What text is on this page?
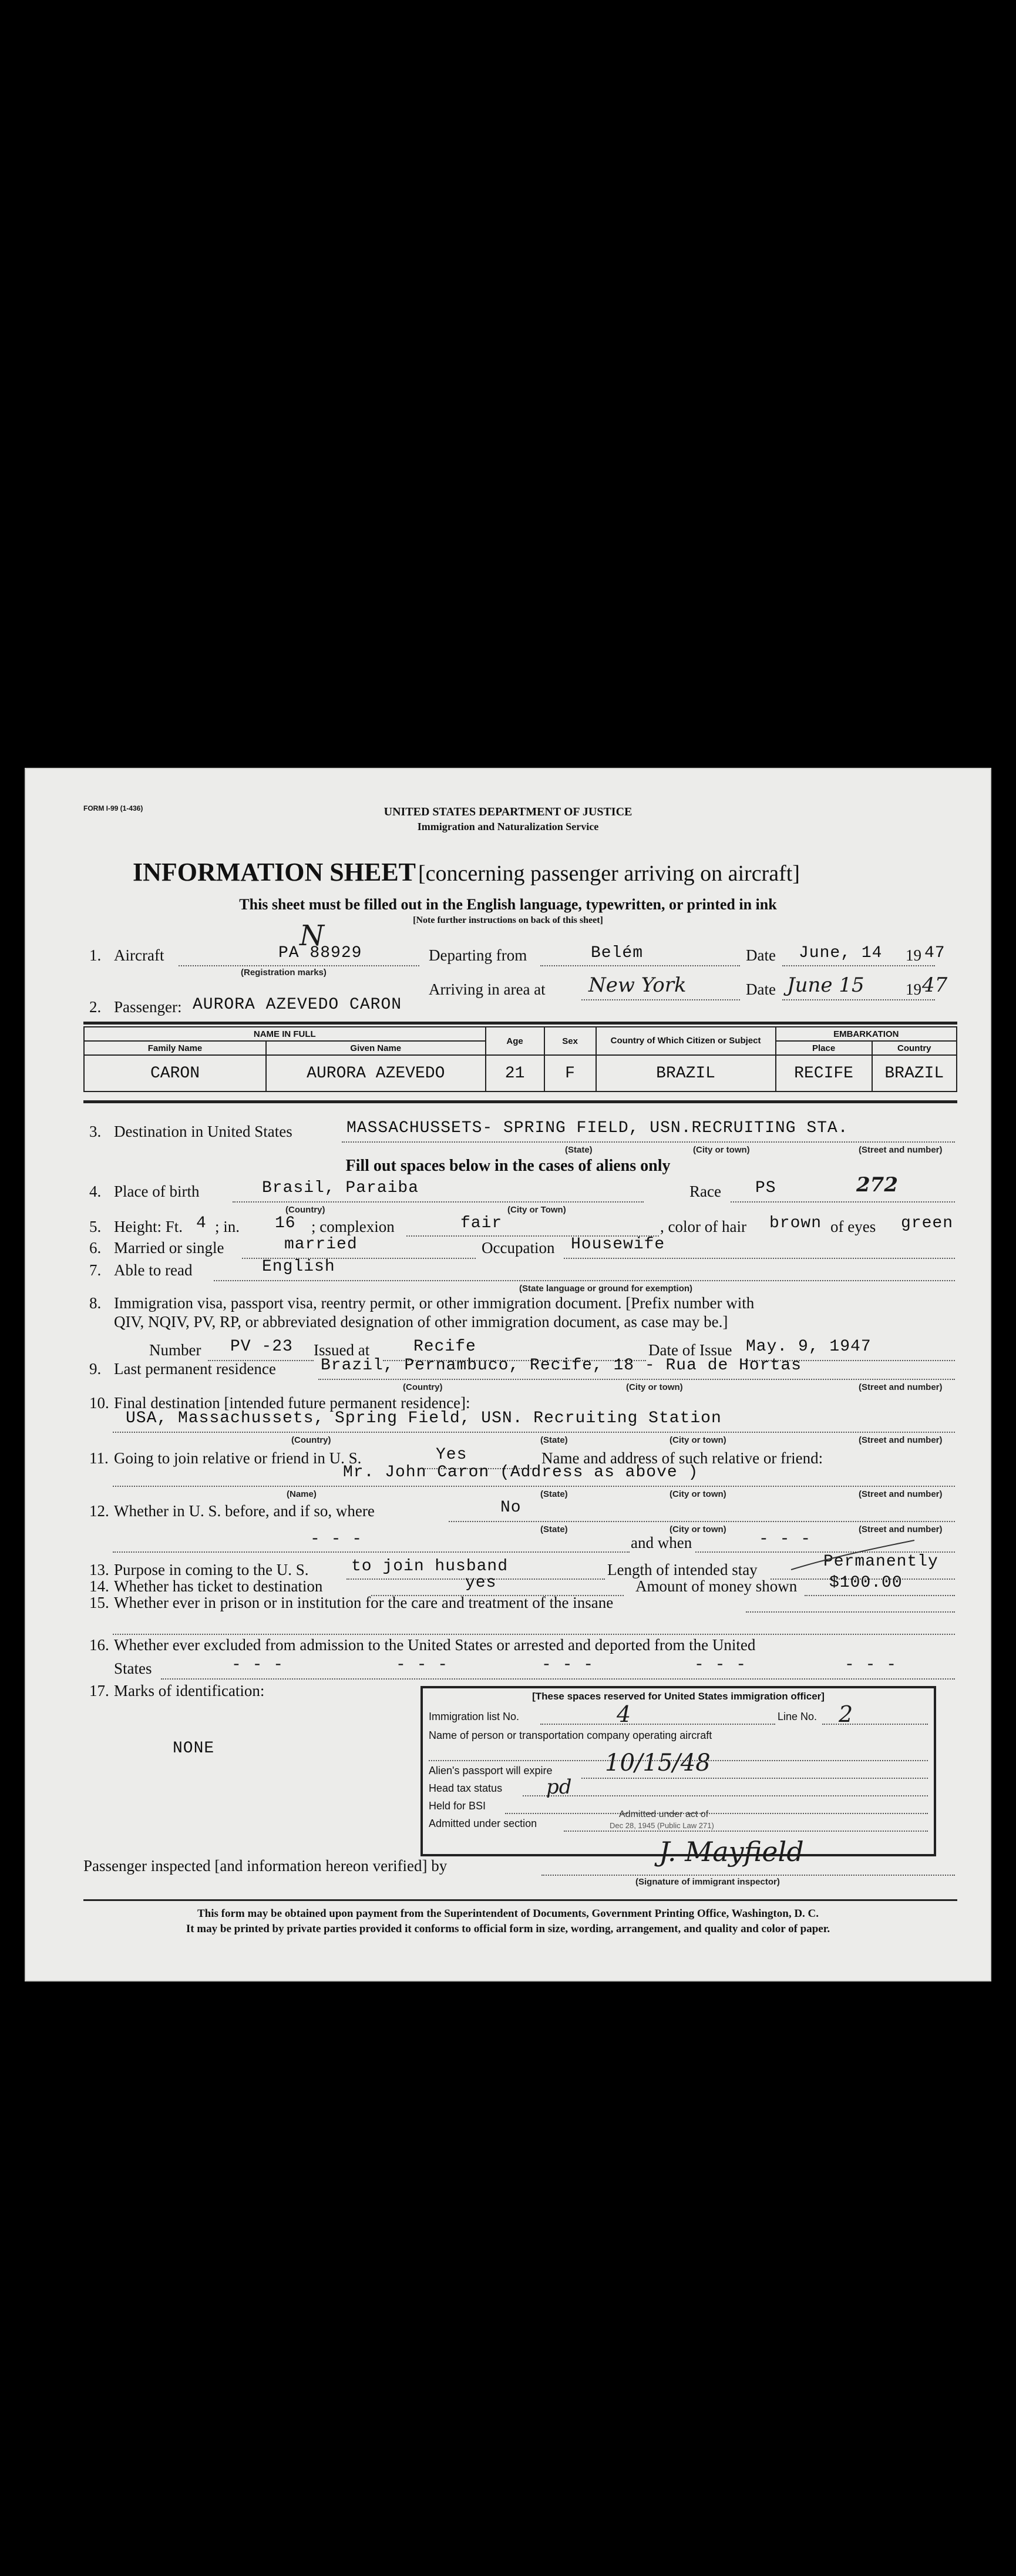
FORM I-99 (1-436)	UNITED STATES DEPARTMENT OF JUSTICE
Immigration and Naturalization Service
INFORMATION SHEET [concerning passenger arriving on aircraft]
This sheet must be filled out in the English language, typewritten, or printed in ink
[Note further instructions on back of this sheet]
1. Aircraft	PA 88929
N
(Registration marks)
Departing from	Belém	Date June, 14 19 47
Arriving in area at New York	Date June 15	19 47
2. Passenger: AURORA AZEVEDO CARON
NAME IN FULL		Age	Sex	Country of Which Citizen or Subject	EMBARKATION	
Family Name	Given Name				Place	Country
CARON	AURORA AZEVEDO	21	F	BRAZIL	RECIFE	BRAZIL
3. Destination in United States	MASSACHUSSETS- SPRING FIELD, USN.RECRUITING STA.
(State)	(City or town)	(Street and number)
Fill out spaces below in the cases of aliens only
4. Place of birth	Brasil, Paraiba
(Country)	(City or Town)
Race PS	272
5. Height: Ft. 4 ; in. 16 ; complexion	fair	, color of hair brown of eyes green
6. Married or single	married	Occupation Housewife
7. Able to read	English
(State language or ground for exemption)
8. Immigration visa, passport visa, reentry permit, or other immigration document. [Prefix number with
QIV, NQIV, PV, RP, or abbreviated designation of other immigration document, as case may be.]
Number PV -23 Issued at	Recife	Date of Issue May. 9, 1947
9. Last permanent residence	Brazil, Pernambuco, Recife, 18 - Rua de Hortas
(Country)	(City or town)	(Street and number)
10. Final destination [intended future permanent residence]:
USA, Massachussets, Spring Field, USN. Recruiting Station
(Country)	(State)	(City or town)	(Street and number)
11. Going to join relative or friend in U. S.	Yes	Name and address of such relative or friend:
Mr. John Caron (Address as above )
(Name)	(State)	(City or town)	(Street and number)
12. Whether in U. S. before, and if so, where	No
(State)	(City or town)	(Street and number)
- - -	and when	- - -
13. Purpose in coming to the U. S.	to join husband	Length of intended stay	Permanently
14. Whether has ticket to destination	yes	Amount of money shown $100.00
15. Whether ever in prison or in institution for the care and treatment of the insane
16. Whether ever excluded from admission to the United States or arrested and deported from the United
States	- - -	- - -	- - -	- - -	- - -
17. Marks of identification:
NONE
[These spaces reserved for United States immigration officer]
Immigration list No.	4	Line No. 2
Name of person or transportation company operating aircraft
Alien's passport will expire 10/15/48
Head tax status pd
Held for BSI
Admitted under section
Admitted under act of
Dec 28, 1945 (Public Law 271)
Passenger inspected [and information hereon verified] by	J. Mayfield
(Signature of immigrant inspector)
This form may be obtained upon payment from the Superintendent of Documents, Government Printing Office, Washington, D. C.
It may be printed by private parties provided it conforms to official form in size, wording, arrangement, and quality and color of paper.
